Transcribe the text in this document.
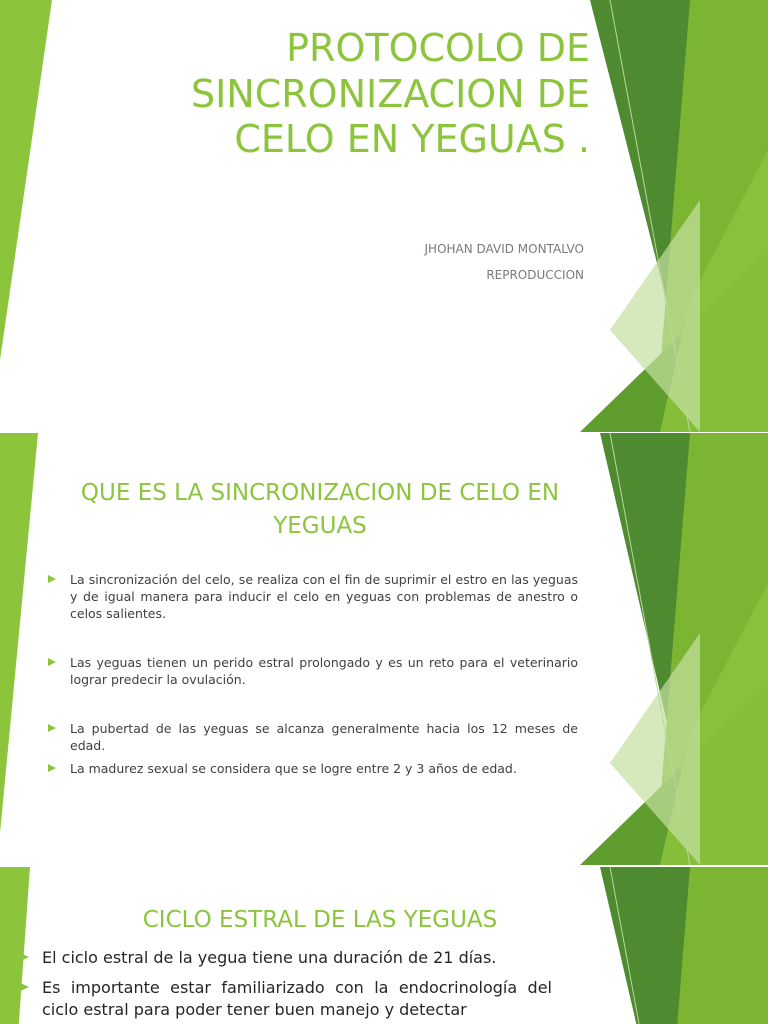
PROTOCOLO DE SINCRONIZACION DE CELO EN YEGUAS .
JHOHAN DAVID MONTALVO
REPRODUCCION
QUE ES LA SINCRONIZACION DE CELO EN YEGUAS
La sincronización del celo, se realiza con el fin de suprimir el estro en las yeguas y de igual manera para inducir el celo en yeguas con problemas de anestro o celos salientes.
Las yeguas tienen un perido estral prolongado y es un reto para el veterinario lograr predecir la ovulación.
La pubertad de las yeguas se alcanza generalmente hacia los 12 meses de edad.
La madurez sexual se considera que se logre entre 2 y 3 años de edad.
CICLO ESTRAL DE LAS YEGUAS
El ciclo estral de la yegua tiene una duración de 21 días.
Es importante estar familiarizado con la endocrinología del ciclo estral para poder tener buen manejo y detectar
